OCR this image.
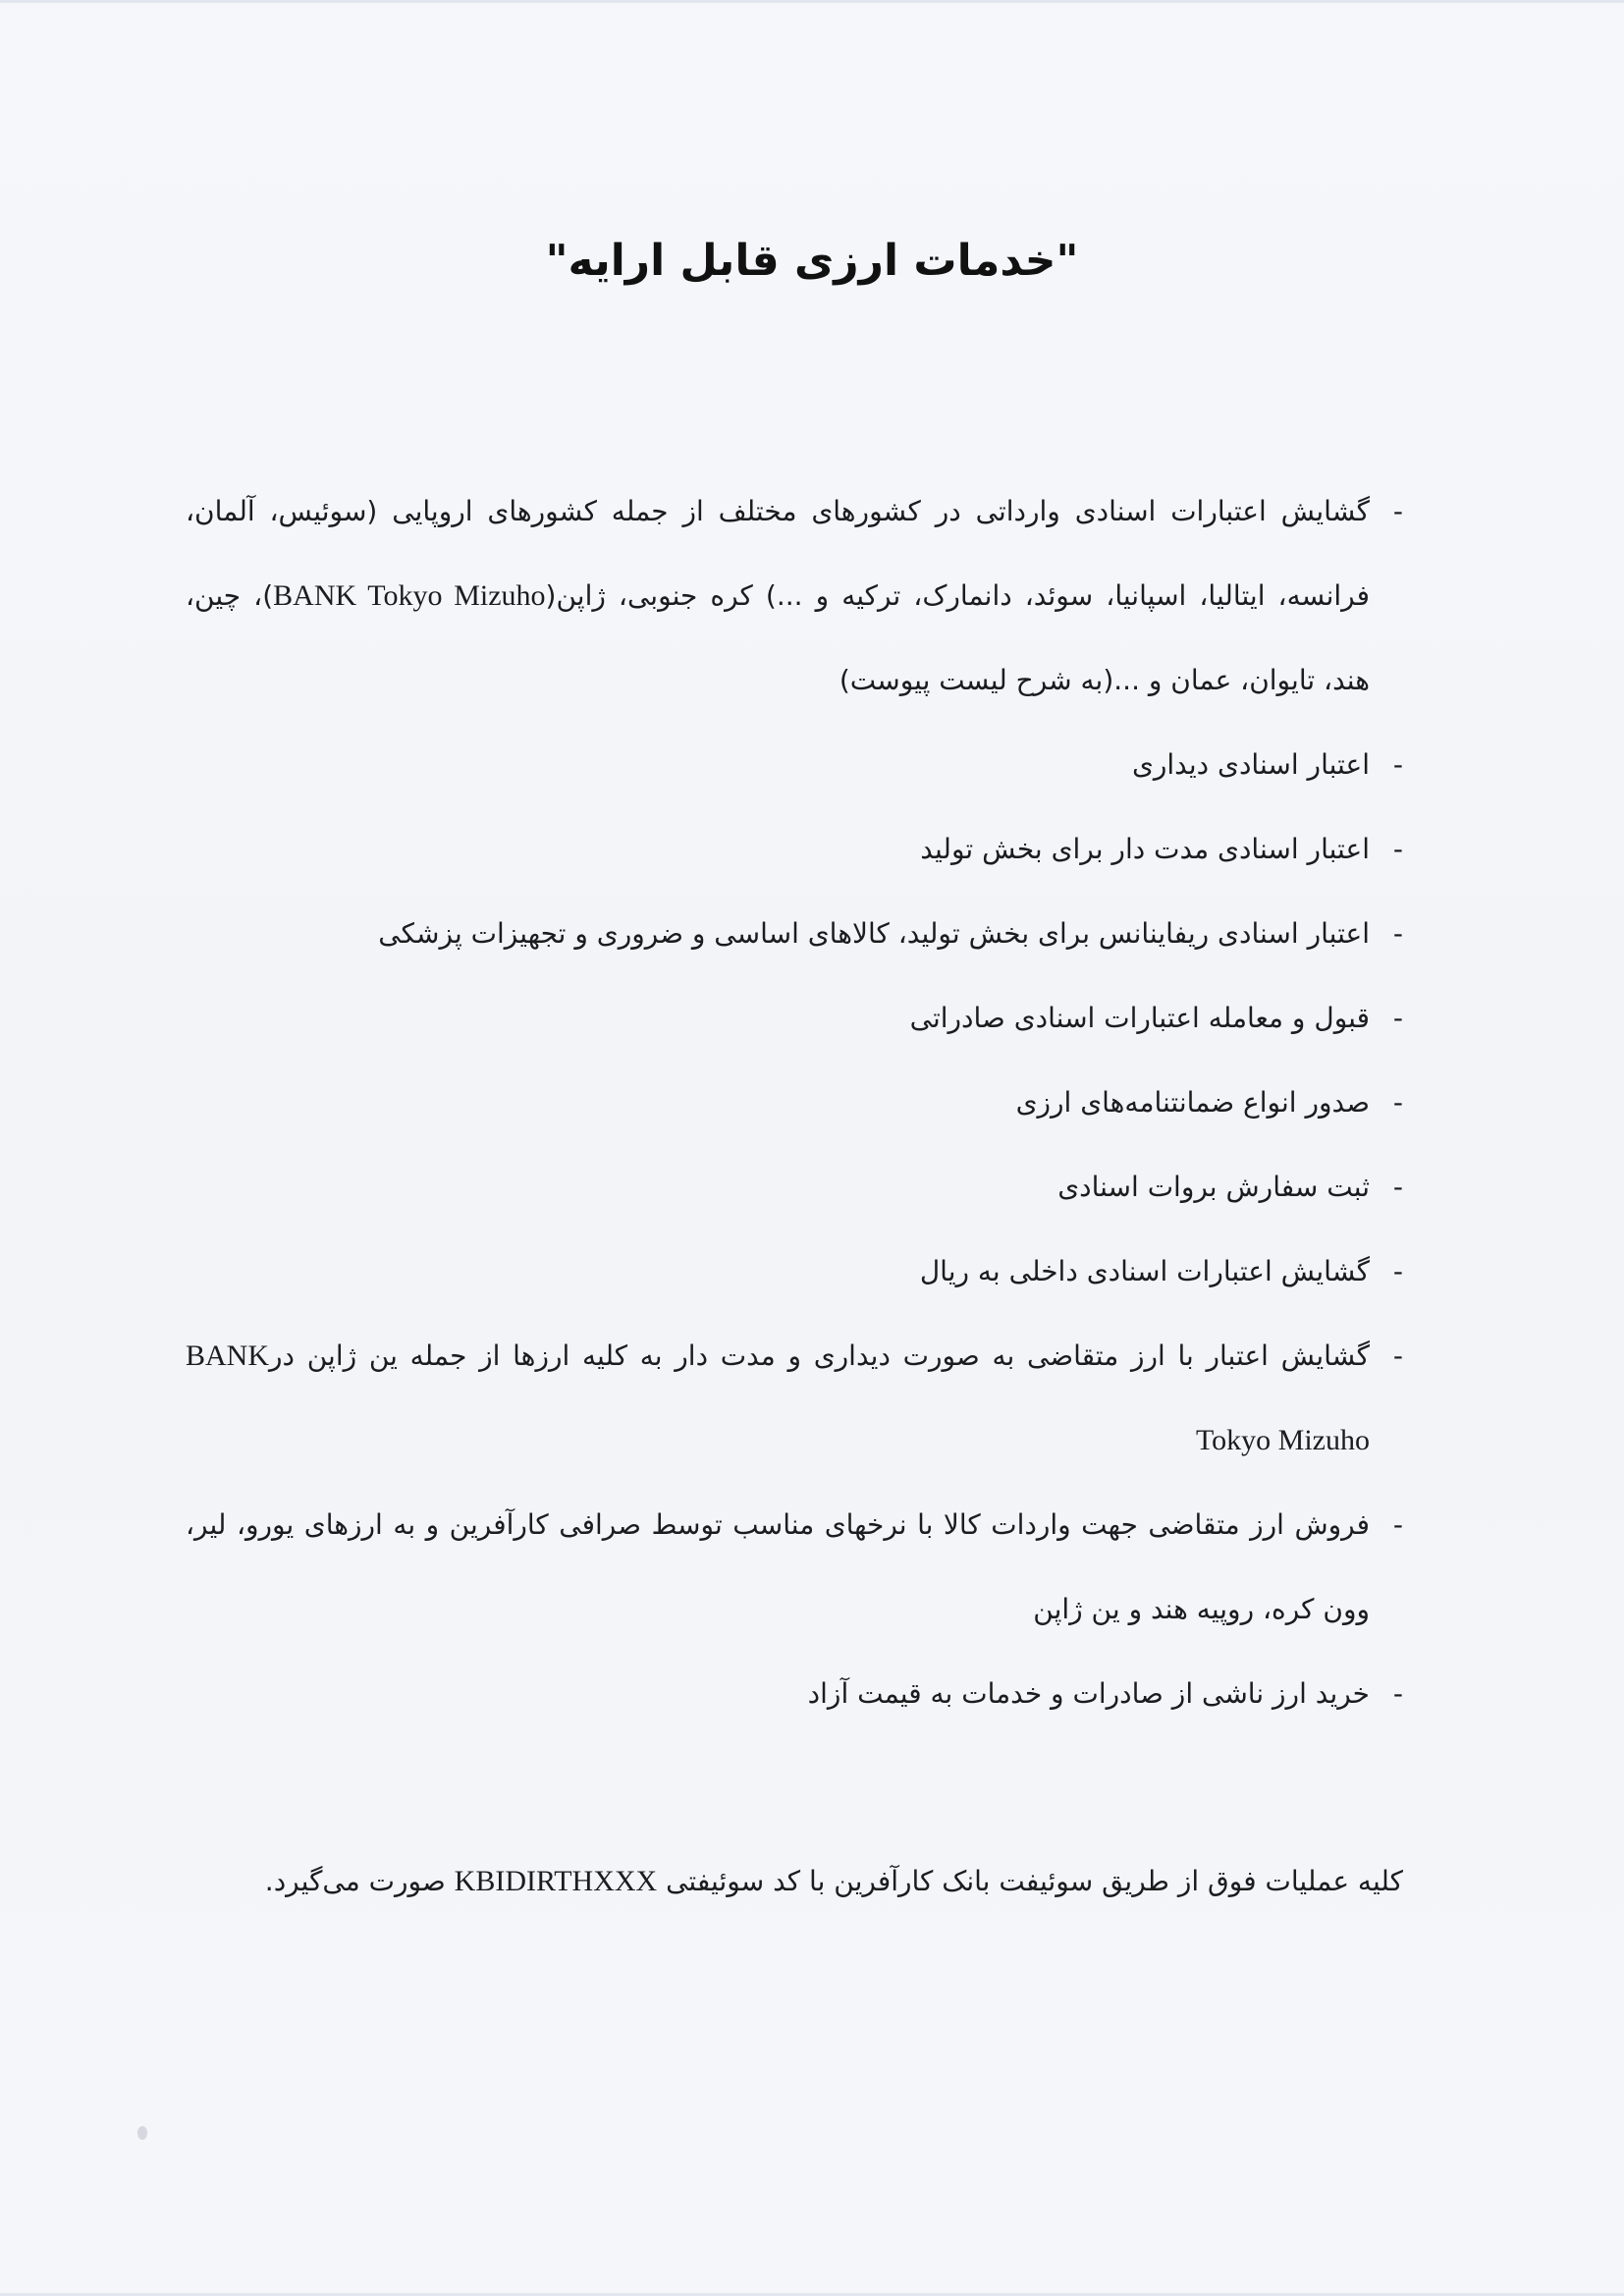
"خدمات ارزی قابل ارایه"
-
گشایش اعتبارات اسنادی وارداتی در کشورهای مختلف از جمله کشورهای اروپایی (سوئیس، آلمان، فرانسه، ایتالیا، اسپانیا، سوئد، دانمارک، ترکیه و ...) کره جنوبی، ژاپن(BANK Tokyo Mizuho)، چین، هند، تایوان، عمان و ...(به شرح لیست پیوست)
-
اعتبار اسنادی دیداری
-
اعتبار اسنادی مدت دار برای بخش تولید
-
اعتبار اسنادی ریفاینانس برای بخش تولید، کالاهای اساسی و ضروری و تجهیزات پزشکی
-
قبول و معامله اعتبارات اسنادی صادراتی
-
صدور انواع ضمانتنامه‌های ارزی
-
ثبت سفارش بروات اسنادی
-
گشایش اعتبارات اسنادی داخلی به ریال
-
گشایش اعتبار با ارز متقاضی به صورت دیداری و مدت دار به کلیه ارزها از جمله ین ژاپن درBANK Tokyo Mizuho
-
فروش ارز متقاضی جهت واردات کالا با نرخهای مناسب توسط صرافی کارآفرین و به ارزهای یورو، لیر، وون کره، روپیه هند و ین ژاپن
-
خرید ارز ناشی از صادرات و خدمات به قیمت آزاد
کلیه عملیات فوق از طریق سوئیفت بانک کارآفرین با کد سوئیفتی KBIDIRTHXXX صورت می‌گیرد.
